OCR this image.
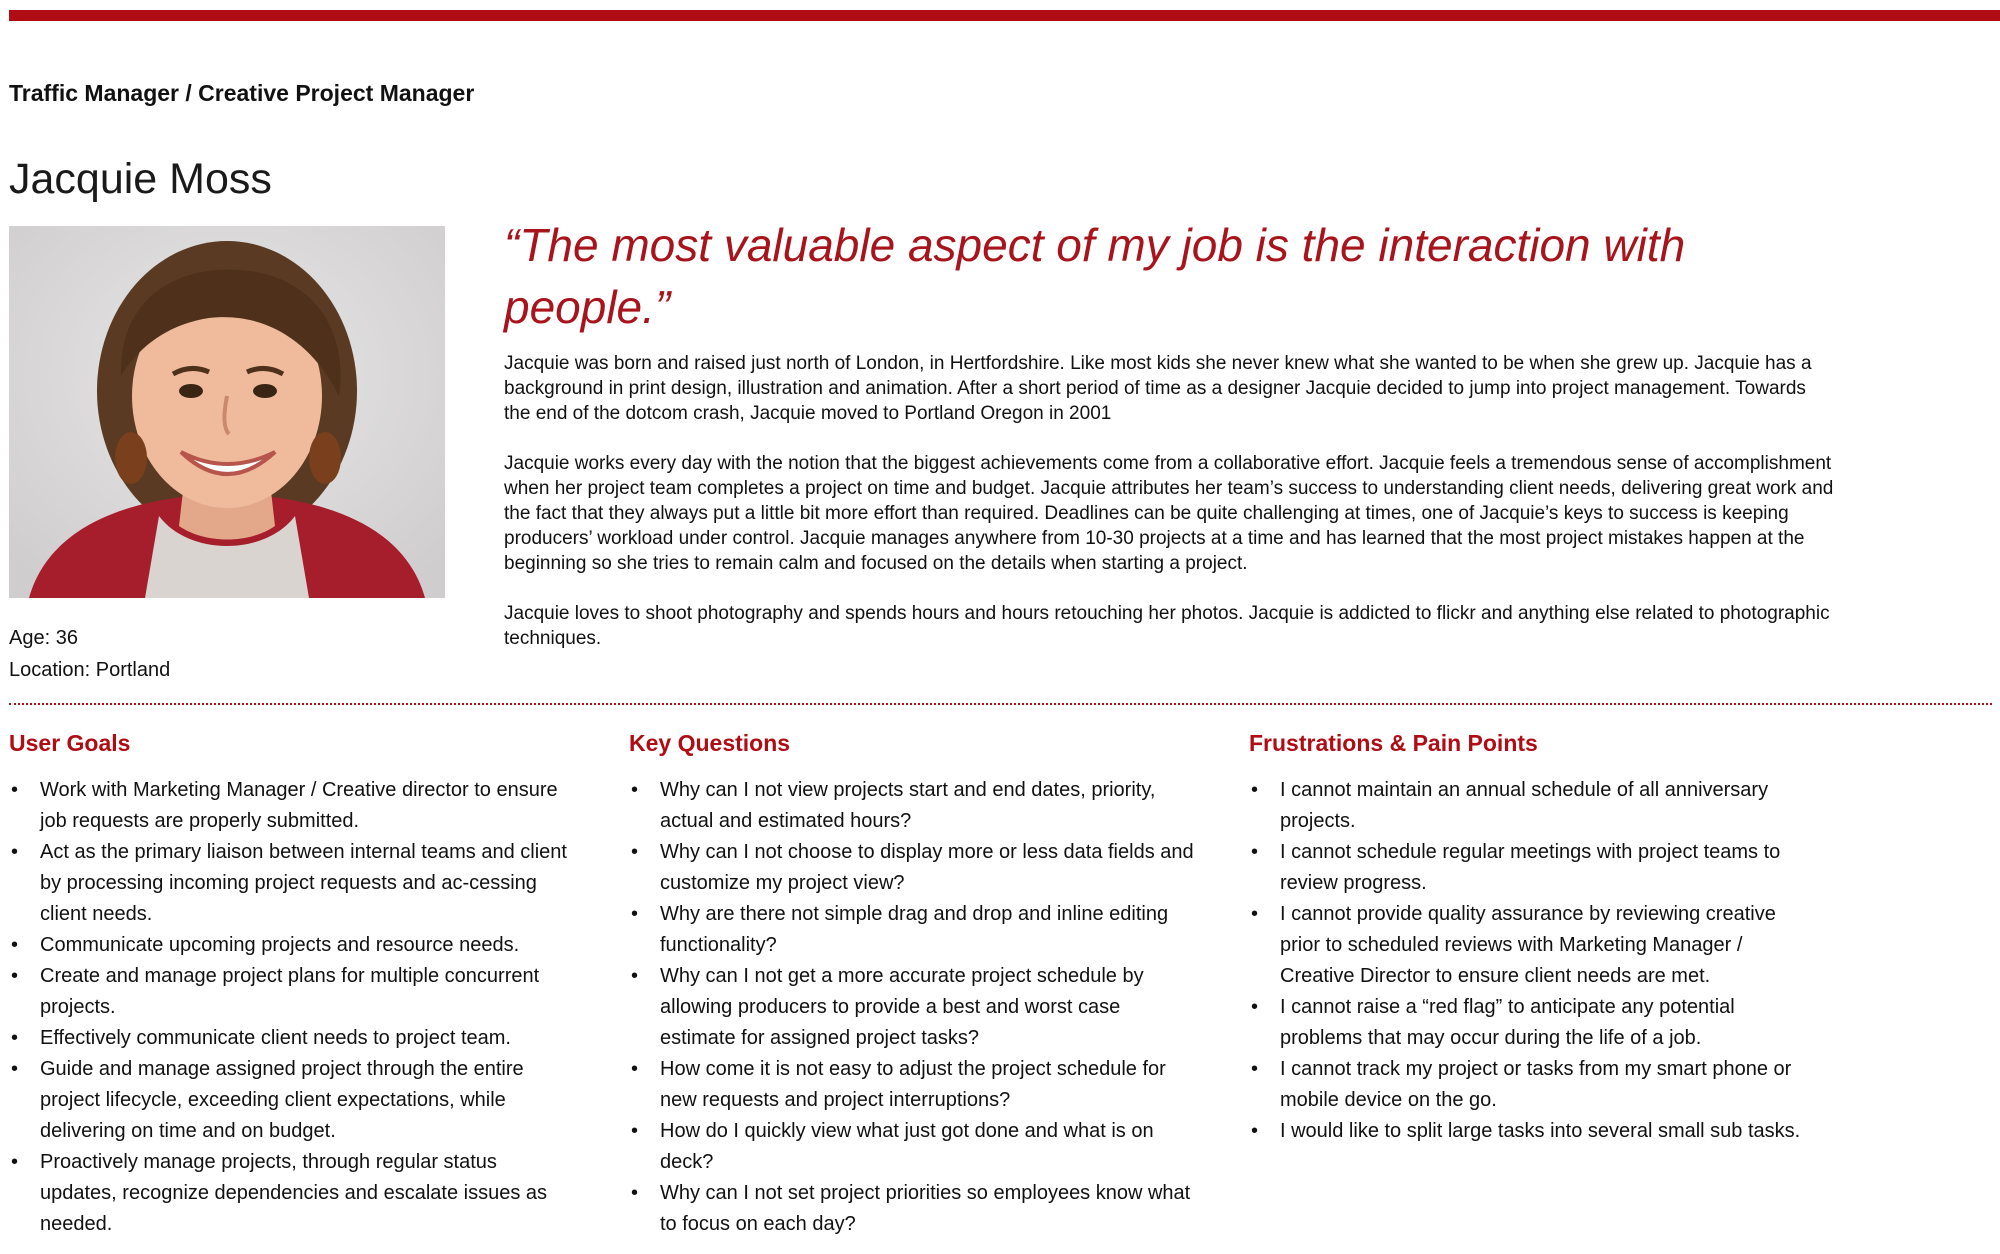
Traffic Manager / Creative Project Manager
Jacquie Moss
Age: 36
Location: Portland
“The most valuable aspect of my job is the interaction with people.”

Jacquie was born and raised just north of London, in Hertfordshire. Like most kids she never knew what she wanted to be when she grew up. Jacquie has a background in print design, illustration and animation. After a short period of time as a designer Jacquie decided to jump into project management. Towards the end of the dotcom crash, Jacquie moved to Portland Oregon in 2001

Jacquie works every day with the notion that the biggest achievements come from a collaborative effort. Jacquie feels a tremendous sense of accomplishment when her project team completes a project on time and budget. Jacquie attributes her team’s success to understanding client needs, delivering great work and the fact that they always put a little bit more effort than required. Deadlines can be quite challenging at times, one of Jacquie’s keys to success is keeping producers’ workload under control. Jacquie manages anywhere from 10-30 projects at a time and has learned that the most project mistakes happen at the beginning so she tries to remain calm and focused on the details when starting a project.

Jacquie loves to shoot photography and spends hours and hours retouching her photos. Jacquie is addicted to flickr and anything else related to photographic techniques.

User Goals
• Work with Marketing Manager / Creative director to ensure job requests are properly submitted.
• Act as the primary liaison between internal teams and client by processing incoming project requests and ac-cessing client needs.
• Communicate upcoming projects and resource needs.
• Create and manage project plans for multiple concurrent projects.
• Effectively communicate client needs to project team.
• Guide and manage assigned project through the entire project lifecycle, exceeding client expectations, while delivering on time and on budget.
• Proactively manage projects, through regular status updates, recognize dependencies and escalate issues as needed.
Key Questions
• Why can I not view projects start and end dates, priority, actual and estimated hours?
• Why can I not choose to display more or less data fields and customize my project view?
• Why are there not simple drag and drop and inline editing functionality?
• Why can I not get a more accurate project schedule by allowing producers to provide a best and worst case estimate for assigned project tasks?
• How come it is not easy to adjust the project schedule for new requests and project interruptions?
• How do I quickly view what just got done and what is on deck?
• Why can I not set project priorities so employees know what to focus on each day?
Frustrations & Pain Points
• I cannot maintain an annual schedule of all anniversary projects.
• I cannot schedule regular meetings with project teams to review progress.
• I cannot provide quality assurance by reviewing creative prior to scheduled reviews with Marketing Manager / Creative Director to ensure client needs are met.
• I cannot raise a “red flag” to anticipate any potential problems that may occur during the life of a job.
• I cannot track my project or tasks from my smart phone or mobile device on the go.
• I would like to split large tasks into several small sub tasks.
